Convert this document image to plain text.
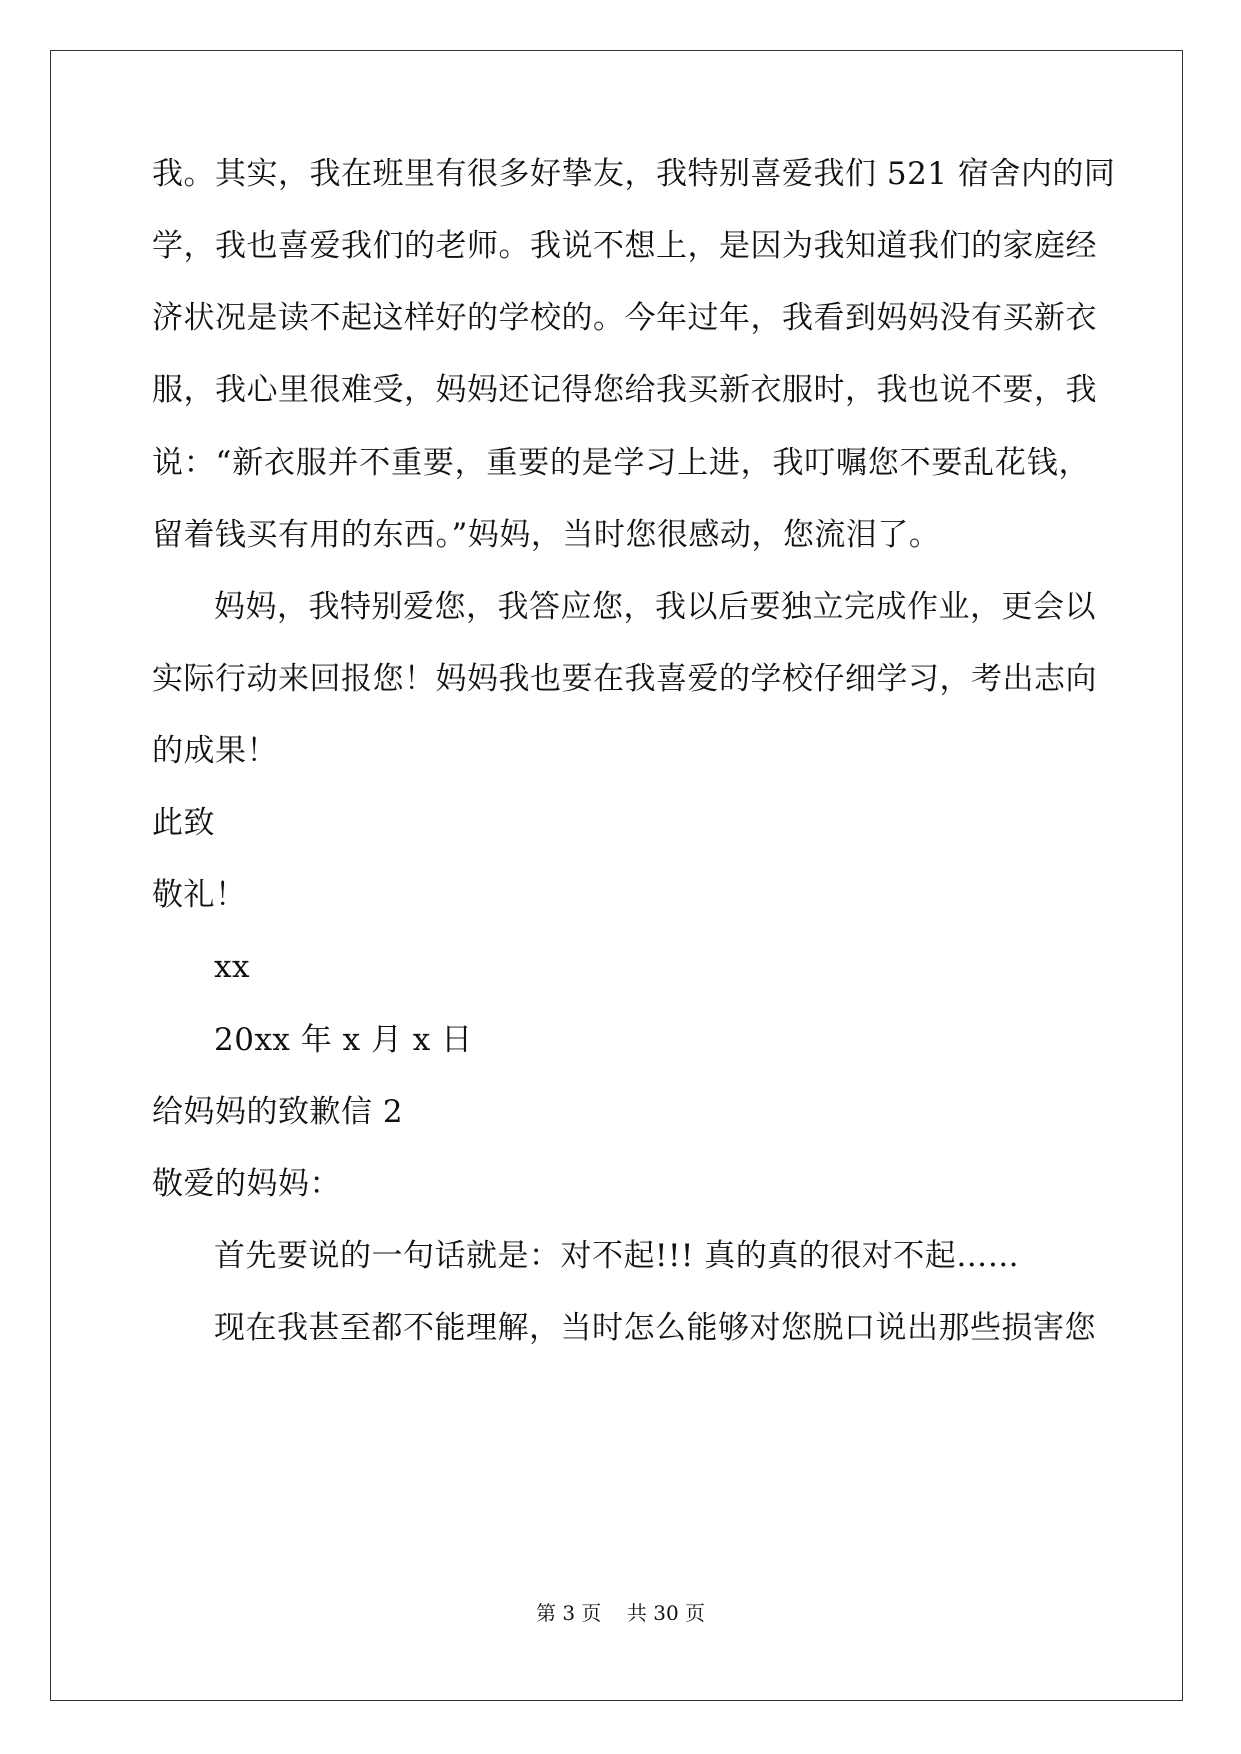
我。其实，我在班里有很多好挚友，我特别喜爱我们 521 宿舍内的同
学，我也喜爱我们的老师。我说不想上，是因为我知道我们的家庭经
济状况是读不起这样好的学校的。今年过年，我看到妈妈没有买新衣
服，我心里很难受，妈妈还记得您给我买新衣服时，我也说不要，我
说：“新衣服并不重要，重要的是学习上进，我叮嘱您不要乱花钱，
留着钱买有用的东西。”妈妈，当时您很感动，您流泪了。
妈妈，我特别爱您，我答应您，我以后要独立完成作业，更会以
实际行动来回报您！妈妈我也要在我喜爱的学校仔细学习，考出志向
的成果！
此致
敬礼！
xx
20xx 年 x 月 x 日
给妈妈的致歉信 2
敬爱的妈妈：
首先要说的一句话就是：对不起!!! 真的真的很对不起……
现在我甚至都不能理解，当时怎么能够对您脱口说出那些损害您
第 3 页 共 30 页
